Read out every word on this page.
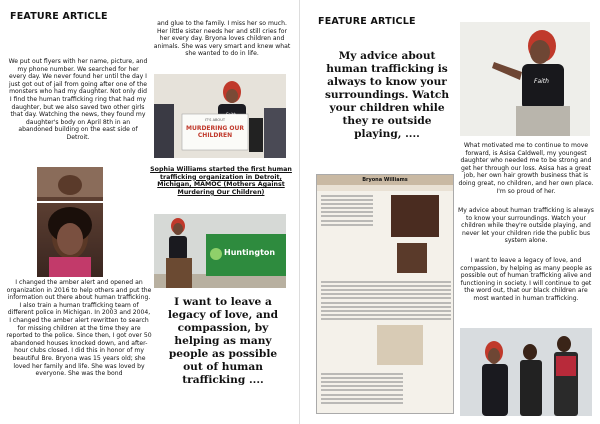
FEATURE ARTICLE
We put out flyers with her name, picture, and my phone number. We searched for her every day. We never found her until the day I just got out of jail from going after one of the monsters who had my daughter. Not only did I find the human trafficking ring that had my daughter, but we also saved two other girls that day. Watching the news, they found my daughter's body on April 8th in an abandoned building on the east side of Detroit.
I changed the amber alert and opened an organization in 2016 to help others and put the information out there about human trafficking. I also train a human trafficking team of different police in Michigan. In 2003 and 2004, I changed the amber alert rewritten to search for missing children at the time they are reported to the police. Since then, I got over 50 abandoned houses knocked down, and after-hour clubs closed. I did this in honor of my beautiful Bre. Bryona was 15 years old; she loved her family and life. She was loved by everyone. She was the bond
and glue to the family. I miss her so much. Her little sister needs her and still cries for her every day. Bryona loves children and animals. She was very smart and knew what she wanted to do in life.
Faith
IT'S ABOUT
MURDERING OUR CHILDREN
Sophia Williams started the first human trafficking organization in Detroit, Michigan, MAMOC (Mothers Against Murdering Our Children)
Huntington
I want to leave a legacy of love, and compassion, by helping as many people as possible out of human trafficking ....
FEATURE ARTICLE
My advice about human trafficking is always to know your surroundings. Watch your children while they re outside playing, ....
Faith
Bryona Williams
What motivated me to continue to move forward, is Asisa Caldwell, my youngest daughter who needed me to be strong and get her through our loss. Asisa has a great job, her own hair growth business that is doing great, no children, and her own place. I'm so proud of her.
My advice about human trafficking is always to know your surroundings. Watch your children while they're outside playing, and never let your children ride the public bus system alone.
I want to leave a legacy of love, and compassion, by helping as many people as possible out of human trafficking alive and functioning in society. I will continue to get the word out, that our black children are most wanted in human trafficking.
